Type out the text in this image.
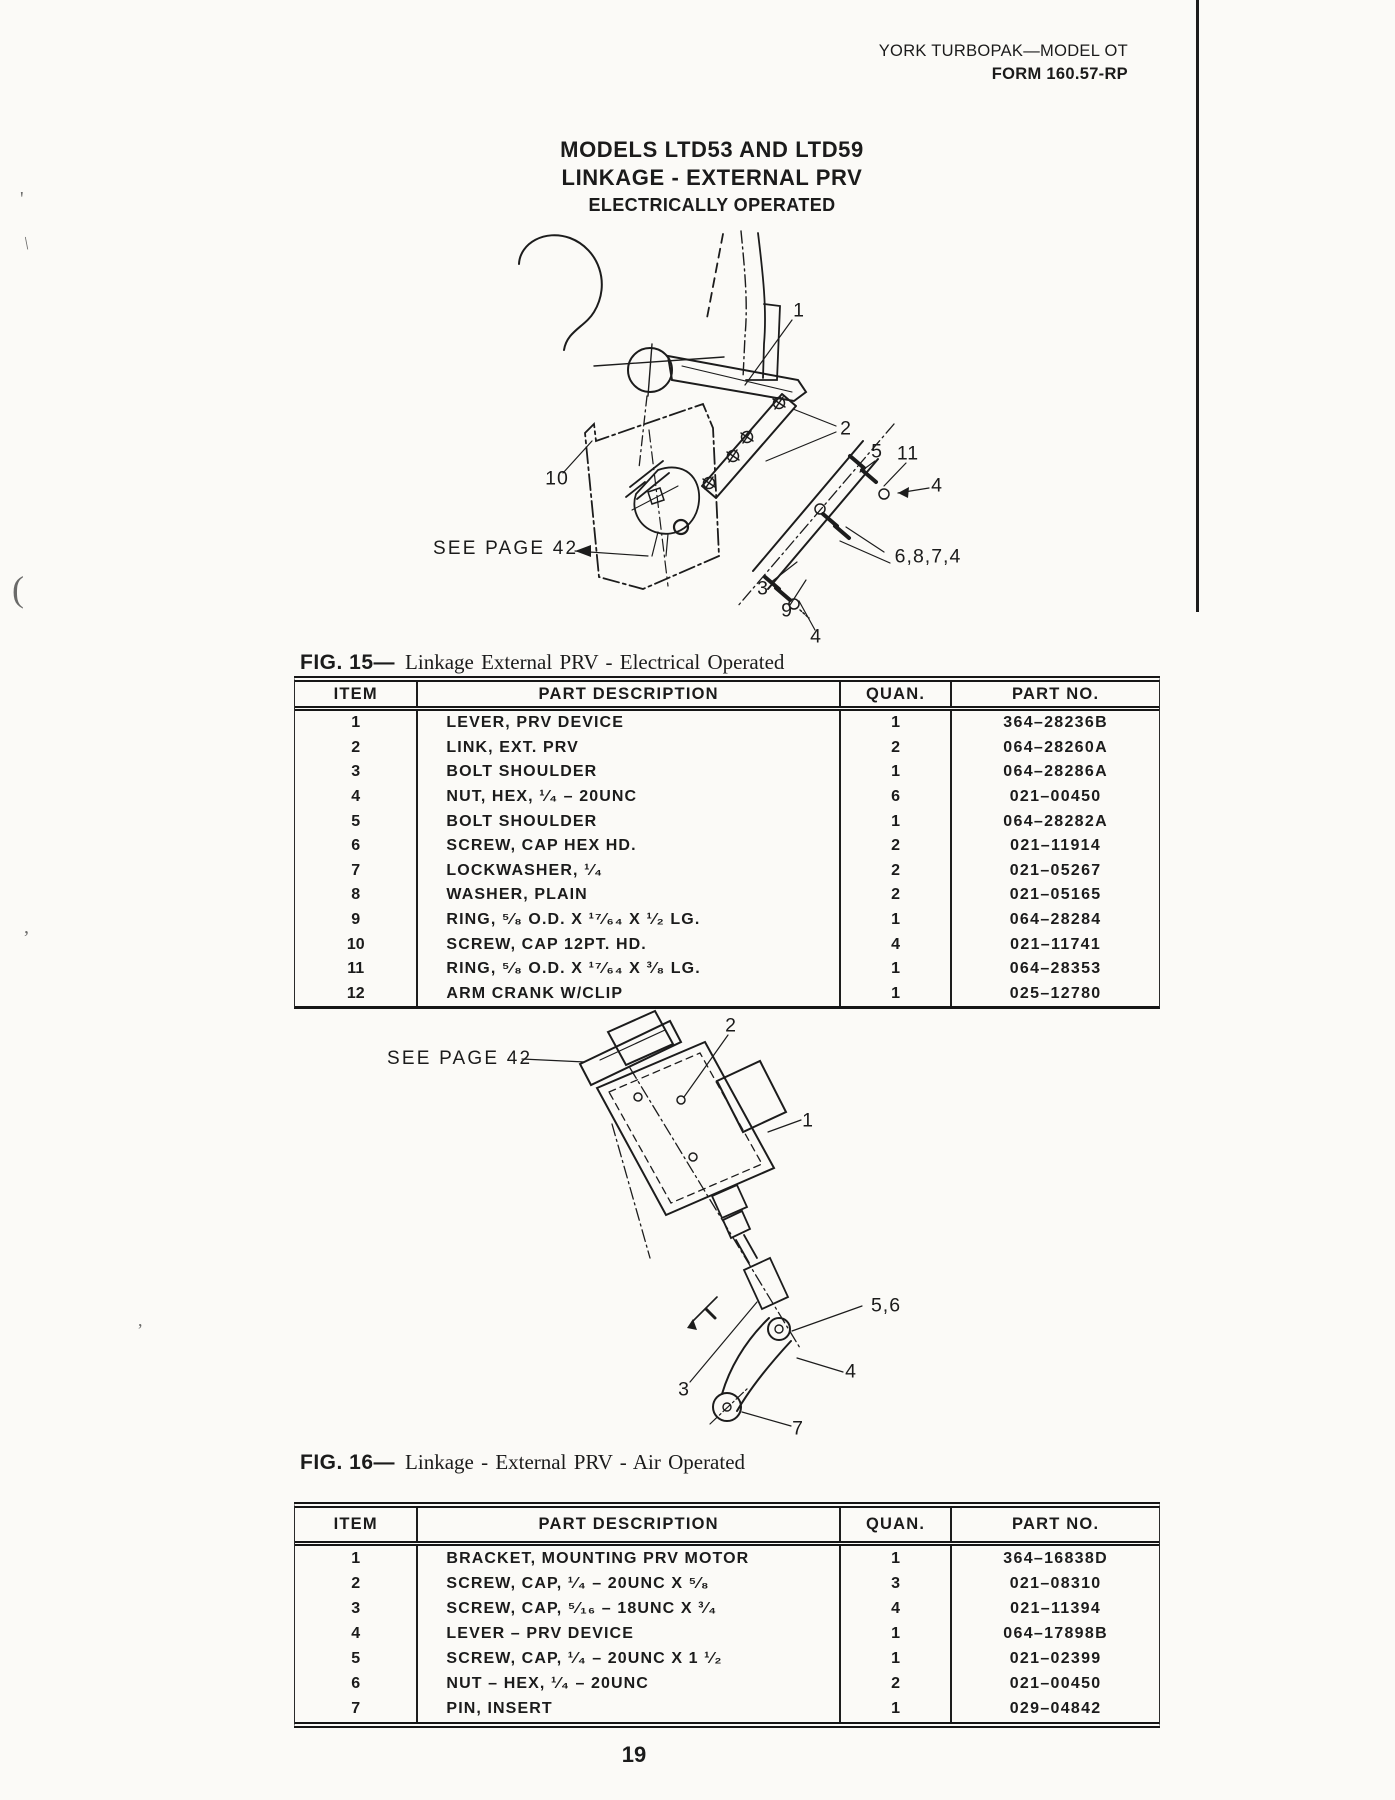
'
\
(
,
,
YORK TURBOPAK—MODEL OT
FORM 160.57-RP
MODELS LTD53 AND LTD59
LINKAGE - EXTERNAL PRV
ELECTRICALLY OPERATED
SEE PAGE 42
1
2
10
5 11
4
6,8,7,4
3
9
4
FIG. 15— Linkage External PRV - Electrical Operated
ITEM	PART DESCRIPTION	QUAN.	PART NO.
1	LEVER, PRV DEVICE	1	364–28236B
2	LINK, EXT. PRV	2	064–28260A
3	BOLT SHOULDER	1	064–28286A
4	NUT, HEX, ¹⁄₄ – 20UNC	6	021–00450
5	BOLT SHOULDER	1	064–28282A
6	SCREW, CAP HEX HD.	2	021–11914
7	LOCKWASHER, ¹⁄₄	2	021–05267
8	WASHER, PLAIN	2	021–05165
9	RING, ⁵⁄₈ O.D. X ¹⁷⁄₆₄ X ¹⁄₂ LG.	1	064–28284
10	SCREW, CAP 12PT. HD.	4	021–11741
11	RING, ⁵⁄₈ O.D. X ¹⁷⁄₆₄ X ³⁄₈ LG.	1	064–28353
12	ARM CRANK W/CLIP	1	025–12780
SEE PAGE 42
2
1
5,6
4
3
7
FIG. 16— Linkage - External PRV - Air Operated
ITEM	PART DESCRIPTION	QUAN.	PART NO.
1	BRACKET, MOUNTING PRV MOTOR	1	364–16838D
2	SCREW, CAP, ¹⁄₄ – 20UNC X ⁵⁄₈	3	021–08310
3	SCREW, CAP, ⁵⁄₁₆ – 18UNC X ³⁄₄	4	021–11394
4	LEVER – PRV DEVICE	1	064–17898B
5	SCREW, CAP, ¹⁄₄ – 20UNC X 1 ¹⁄₂	1	021–02399
6	NUT – HEX, ¹⁄₄ – 20UNC	2	021–00450
7	PIN, INSERT	1	029–04842
19
